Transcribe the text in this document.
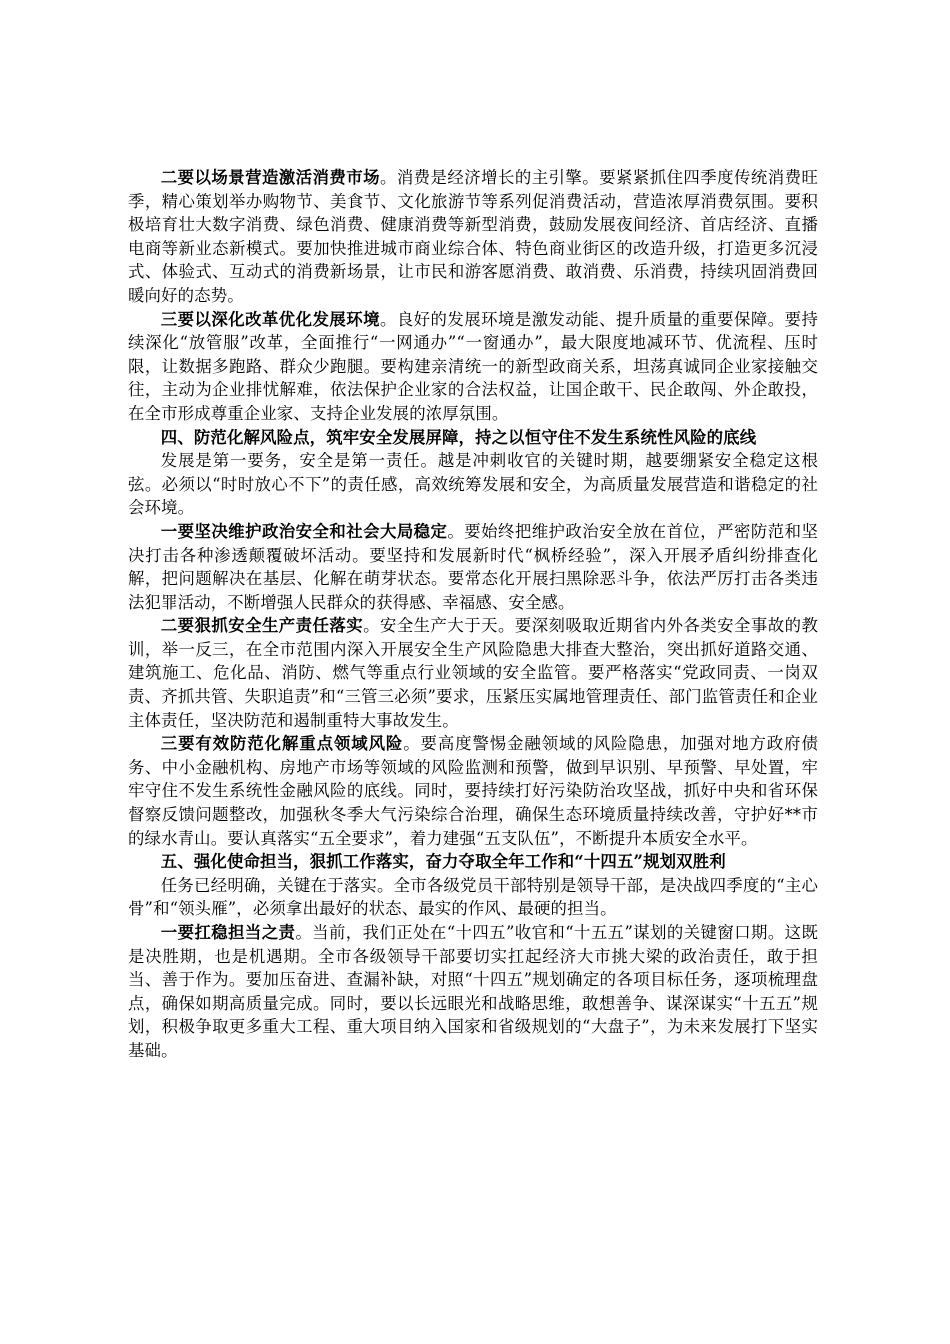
二要以场景营造激活消费市场。消费是经济增长的主引擎。要紧紧抓住四季度传统消费旺季，精心策划举办购物节、美食节、文化旅游节等系列促消费活动，营造浓厚消费氛围。要积极培育壮大数字消费、绿色消费、健康消费等新型消费，鼓励发展夜间经济、首店经济、直播电商等新业态新模式。要加快推进城市商业综合体、特色商业街区的改造升级，打造更多沉浸式、体验式、互动式的消费新场景，让市民和游客愿消费、敢消费、乐消费，持续巩固消费回暖向好的态势。

三要以深化改革优化发展环境。良好的发展环境是激发动能、提升质量的重要保障。要持续深化“放管服”改革，全面推行“一网通办”“一窗通办”，最大限度地减环节、优流程、压时限，让数据多跑路、群众少跑腿。要构建亲清统一的新型政商关系，坦荡真诚同企业家接触交往，主动为企业排忧解难，依法保护企业家的合法权益，让国企敢干、民企敢闯、外企敢投，在全市形成尊重企业家、支持企业发展的浓厚氛围。

四、防范化解风险点，筑牢安全发展屏障，持之以恒守住不发生系统性风险的底线

发展是第一要务，安全是第一责任。越是冲刺收官的关键时期，越要绷紧安全稳定这根弦。必须以“时时放心不下”的责任感，高效统筹发展和安全，为高质量发展营造和谐稳定的社会环境。

一要坚决维护政治安全和社会大局稳定。要始终把维护政治安全放在首位，严密防范和坚决打击各种渗透颠覆破坏活动。要坚持和发展新时代“枫桥经验”，深入开展矛盾纠纷排查化解，把问题解决在基层、化解在萌芽状态。要常态化开展扫黑除恶斗争，依法严厉打击各类违法犯罪活动，不断增强人民群众的获得感、幸福感、安全感。

二要狠抓安全生产责任落实。安全生产大于天。要深刻吸取近期省内外各类安全事故的教训，举一反三，在全市范围内深入开展安全生产风险隐患大排查大整治，突出抓好道路交通、建筑施工、危化品、消防、燃气等重点行业领域的安全监管。要严格落实“党政同责、一岗双责、齐抓共管、失职追责”和“三管三必须”要求，压紧压实属地管理责任、部门监管责任和企业主体责任，坚决防范和遏制重特大事故发生。

三要有效防范化解重点领域风险。要高度警惕金融领域的风险隐患，加强对地方政府债务、中小金融机构、房地产市场等领域的风险监测和预警，做到早识别、早预警、早处置，牢牢守住不发生系统性金融风险的底线。同时，要持续打好污染防治攻坚战，抓好中央和省环保督察反馈问题整改，加强秋冬季大气污染综合治理，确保生态环境质量持续改善，守护好**市的绿水青山。要认真落实“五全要求”，着力建强“五支队伍”，不断提升本质安全水平。

五、强化使命担当，狠抓工作落实，奋力夺取全年工作和“十四五”规划双胜利

任务已经明确，关键在于落实。全市各级党员干部特别是领导干部，是决战四季度的“主心骨”和“领头雁”，必须拿出最好的状态、最实的作风、最硬的担当。

一要扛稳担当之责。当前，我们正处在“十四五”收官和“十五五”谋划的关键窗口期。这既是决胜期，也是机遇期。全市各级领导干部要切实扛起经济大市挑大梁的政治责任，敢于担当、善于作为。要加压奋进、查漏补缺，对照“十四五”规划确定的各项目标任务，逐项梳理盘点，确保如期高质量完成。同时，要以长远眼光和战略思维，敢想善争、谋深谋实“十五五”规划，积极争取更多重大工程、重大项目纳入国家和省级规划的“大盘子”，为未来发展打下坚实基础。
